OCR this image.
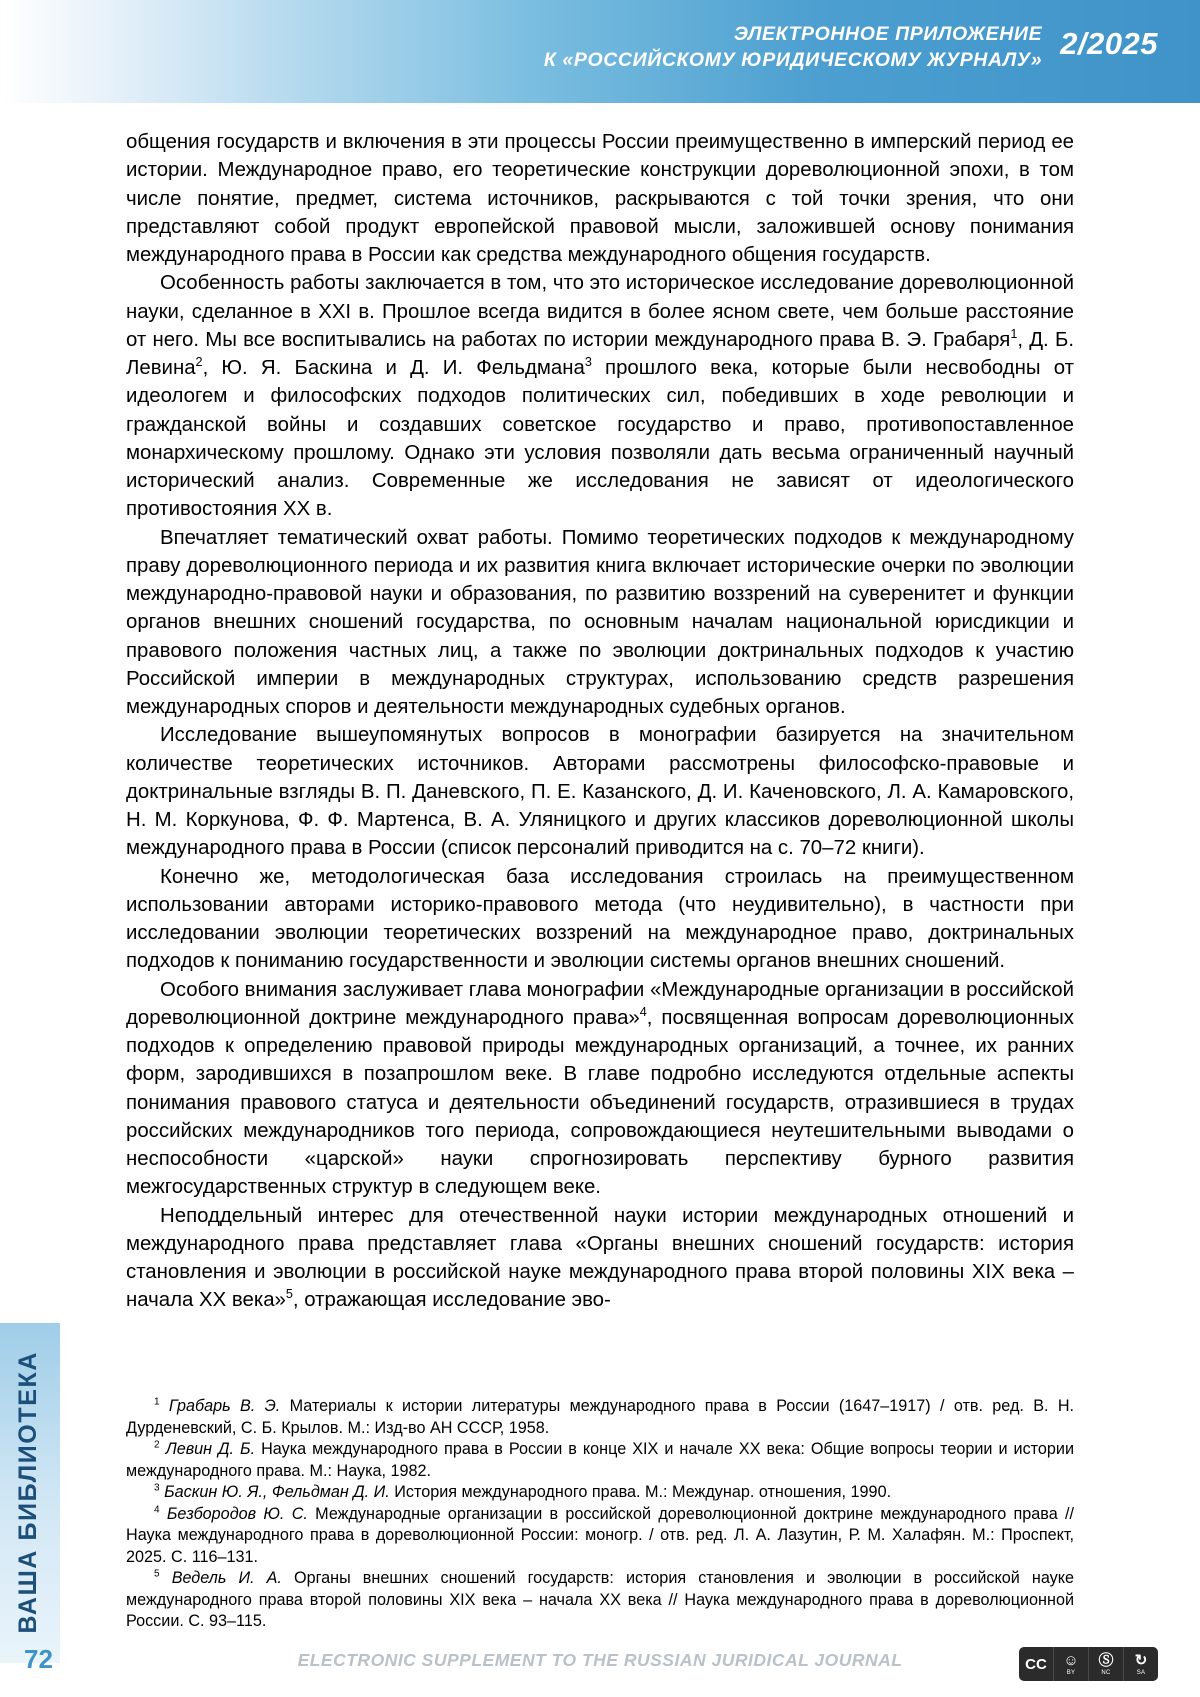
ЭЛЕКТРОННОЕ ПРИЛОЖЕНИЕ
К «РОССИЙСКОМУ ЮРИДИЧЕСКОМУ ЖУРНАЛУ» 2/2025
ВАША БИБЛИОТЕКА

общения государств и включения в эти процессы России преимущественно в имперский период ее истории. Международное право, его теоретические конструкции дореволюционной эпохи, в том числе понятие, предмет, система источников, раскрываются с той точки зрения, что они представляют собой продукт европейской правовой мысли, заложившей основу понимания международного права в России как средства международного общения государств.

Особенность работы заключается в том, что это историческое исследование дореволюционной науки, сделанное в XXI в. Прошлое всегда видится в более ясном свете, чем больше расстояние от него. Мы все воспитывались на работах по истории международного права В. Э. Грабаря$^1$, Д. Б. Левина$^2$, Ю. Я. Баскина и Д. И. Фельдмана$^3$ прошлого века, которые были несвободны от идеологем и философских подходов политических сил, победивших в ходе революции и гражданской войны и создавших советское государство и право, противопоставленное монархическому прошлому. Однако эти условия позволяли дать весьма ограниченный научный исторический анализ. Современные же исследования не зависят от идеологического противостояния XX в.

Впечатляет тематический охват работы. Помимо теоретических подходов к международному праву дореволюционного периода и их развития книга включает исторические очерки по эволюции международно-правовой науки и образования, по развитию воззрений на суверенитет и функции органов внешних сношений государства, по основным началам национальной юрисдикции и правового положения частных лиц, а также по эволюции доктринальных подходов к участию Российской империи в международных структурах, использованию средств разрешения международных споров и деятельности международных судебных органов.

Исследование вышеупомянутых вопросов в монографии базируется на значительном количестве теоретических источников. Авторами рассмотрены философско-правовые и доктринальные взгляды В. П. Даневского, П. Е. Казанского, Д. И. Каченовского, Л. А. Камаровского, Н. М. Коркунова, Ф. Ф. Мартенса, В. А. Уляницкого и других классиков дореволюционной школы международного права в России (список персоналий приводится на с. 70–72 книги).

Конечно же, методологическая база исследования строилась на преимущественном использовании авторами историко-правового метода (что неудивительно), в частности при исследовании эволюции теоретических воззрений на международное право, доктринальных подходов к пониманию государственности и эволюции системы органов внешних сношений.

Особого внимания заслуживает глава монографии «Международные организации в российской дореволюционной доктрине международного права»$^4$, посвященная вопросам дореволюционных подходов к определению правовой природы международных организаций, а точнее, их ранних форм, зародившихся в позапрошлом веке. В главе подробно исследуются отдельные аспекты понимания правового статуса и деятельности объединений государств, отразившиеся в трудах российских международников того периода, сопровождающиеся неутешительными выводами о неспособности «царской» науки спрогнозировать перспективу бурного развития межгосударственных структур в следующем веке.

Неподдельный интерес для отечественной науки истории международных отношений и международного права представляет глава «Органы внешних сношений государств: история становления и эволюции в российской науке международного права второй половины XIX века – начала XX века»$^5$, отражающая исследование эво-

$^1$ Грабарь В. Э. Материалы к истории литературы международного права в России (1647–1917) / отв. ред. В. Н. Дурденевский, С. Б. Крылов. М.: Изд-во АН СССР, 1958.

$^2$ Левин Д. Б. Наука международного права в России в конце XIX и начале XX века: Общие вопросы теории и истории международного права. М.: Наука, 1982.

$^3$ Баскин Ю. Я., Фельдман Д. И. История международного права. М.: Междунар. отношения, 1990.

$^4$ Безбородов Ю. С. Международные организации в российской дореволюционной доктрине международного права // Наука международного права в дореволюционной России: моногр. / отв. ред. Л. А. Лазутин, Р. М. Халафян. М.: Проспект, 2025. С. 116–131.

$^5$ Ведель И. А. Органы внешних сношений государств: история становления и эволюции в российской науке международного права второй половины XIX века – начала XX века // Наука международного права в дореволюционной России. С. 93–115.

72	ELECTRONIC SUPPLEMENT TO THE RUSSIAN JURIDICAL JOURNAL	CC ☺
BY
Ⓢ
NC
↻
SA
